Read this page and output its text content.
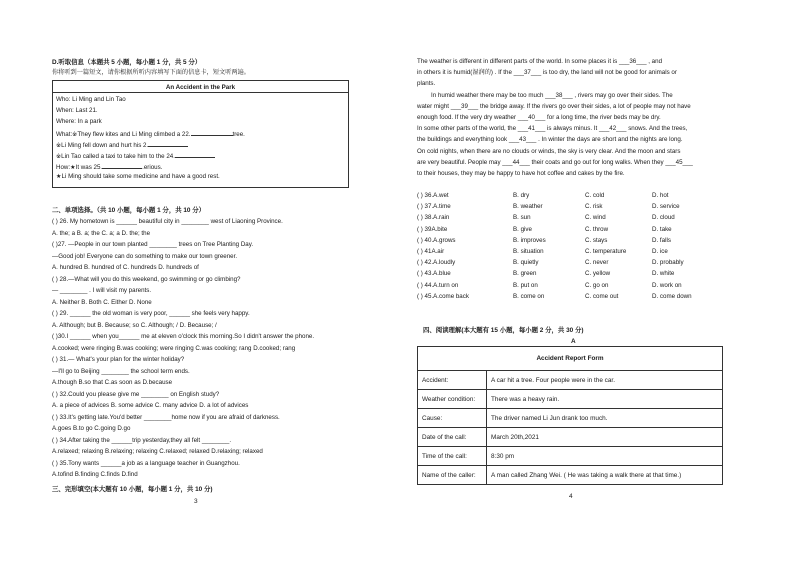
D.听取信息（本题共 5 小题，每小题 1 分，共 5 分）
你将听到一篇短文，请你根据所听内容填写下面的信息卡，短文听两遍。
An Accident in the Park
Who: Li Ming and Lin Tao
When: Last 21.
Where: In a park
What:※They flew kites and Li Ming climbed a 22.	tree.
※Li Ming fell down and hurt his 2.
※Lin Tao called a taxi to take him to the 24.
How:★It was 25.	.erious.
★Li Ming should take some medicine and have a good rest.
二、单项选择。（共 10 小题，每小题 1 分，共 10 分）
( ) 26. My hometown is ______ beautiful city in ________ west of Liaoning Province.
A. the; a B. a; the C. a; a D. the; the
( )27. —People in our town planted ________ trees on Tree Planting Day.
—Good job! Everyone can do something to make our town greener.
A. hundred B. hundred of C. hundreds D. hundreds of
( ) 28.—What will you do this weekend, go swimming or go climbing?
— ________ . I will visit my parents.
A. Neither B. Both C. Either D. None
( ) 29. ______ the old woman is very poor, ______ she feels very happy.
A. Although; but B. Because; so C. Although; / D. Because; /
( )30.I ______ when you______ me at eleven o'clock this morning.So I didn't answer the phone.
A.cooked; were ringing B.was cooking; were ringing C.was cooking; rang D.cooked; rang
( ) 31.— What's your plan for the winter holiday?
—I'll go to Beijing ________ the school term ends.
A.though B.so that C.as soon as D.because
( ) 32.Could you please give me ________ on English study?
A. a piece of advices B. some advice C. many advice D. a lot of advices
( ) 33.It's getting late.You'd better ________home now if you are afraid of darkness.
A.goes B.to go C.going D.go
( ) 34.After taking the ______trip yesterday,they all felt ________.
A.relaxed; relaxing B.relaxing; relaxing C.relaxed; relaxed D.relaxing; relaxed
( ) 35.Tony wants ______a job as a language teacher in Guangzhou.
A.tofind B.finding C.finds D.find
三、完形填空(本大题有 10 小题，每小题 1 分，共 10 分)
3
The weather is different in different parts of the world. In some places it is ___36___ , and
in others it is humid(湿润的) . If the ___37___ is too dry, the land will not be good for animals or
plants.
In humid weather there may be too much ___38___ , rivers may go over their sides. The
water might ___39___ the bridge away. If the rivers go over their sides, a lot of people may not have
enough food. If the very dry weather ___40___ for a long time, the river beds may be dry.
In some other parts of the world, the ___41___ is always minus. It ___42___ snows. And the trees,
the buildings and everything look ___43___ . In winter the days are short and the nights are long.
On cold nights, when there are no clouds or winds, the sky is very clear. And the moon and stars
are very beautiful. People may ___44___ their coats and go out for long walks. When they ___45___
to their houses, they may be happy to have hot coffee and cakes by the fire.
( ) 36.A.wet	B. dry	C. cold	D. hot
( ) 37.A.time	B. weather	C. risk	D. service
( ) 38.A.rain	B. sun	C. wind	D. cloud
( ) 39A.bite	B. give	C. throw	D. take
( ) 40.A.grows	B. improves	C. stays	D. falls
( ) 41A.air	B. situation	C. temperature	D. ice
( ) 42.A.loudly	B. quietly	C. never	D. probably
( ) 43.A.blue	B. green	C. yellow	D. white
( ) 44.A.turn on	B. put on	C. go on	D. work on
( ) 45.A.come back	B. come on	C. come out	D. come down
四、阅读理解(本大题有 15 小题，每小题 2 分，共 30 分)
A
Accident Report Form	
Accident:	A car hit a tree. Four people were in the car.
Weather condition:	There was a heavy rain.
Cause:	The driver named Li Jun drank too much.
Date of the call:	March 20th,2021
Time of the call:	8:30 pm
Name of the caller:	A man called Zhang Wei. ( He was taking a walk there at that time.)
4
